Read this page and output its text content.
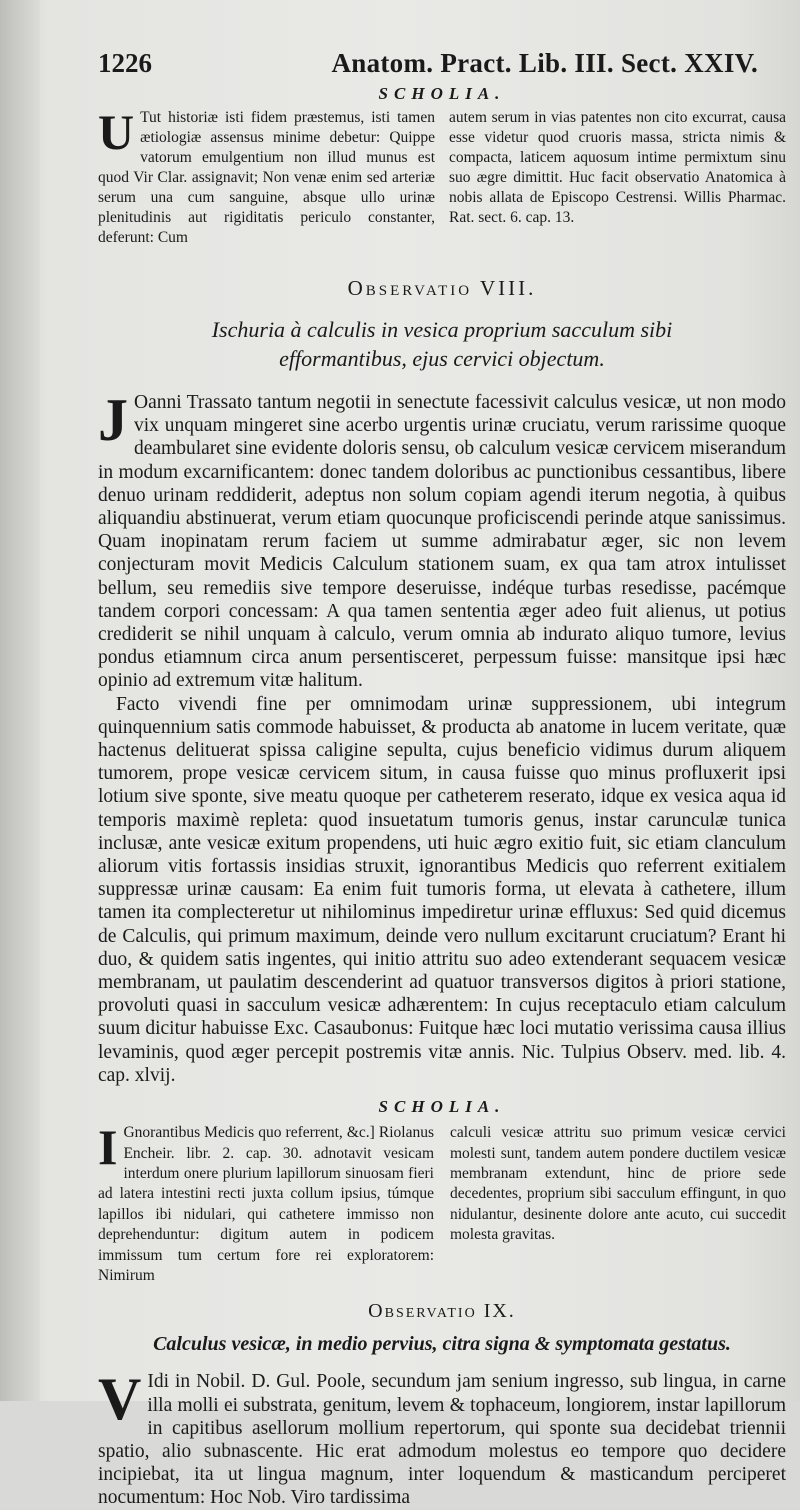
1226	Anatom. Pract. Lib. III. Sect. XXIV.
SCHOLIA.
U Tut historiæ isti fidem præstemus, isti tamen ætiologiæ assensus minime debetur: Quippe vatorum emulgentium non illud munus est quod Vir Clar. assignavit; Non venæ enim sed arteriæ serum una cum sanguine, absque ullo urinæ plenitudinis aut rigiditatis periculo constanter, deferunt: Cum
autem serum in vias patentes non cito excurrat, causa esse videtur quod cruoris massa, stricta nimis & compacta, laticem aquosum intime permixtum sinu suo ægre dimittit. Huc facit observatio Anatomica à nobis allata de Episcopo Cestrensi. Willis Pharmac. Rat. sect. 6. cap. 13.
Observatio VIII.
Ischuria à calculis in vesica proprium sacculum sibi efformantibus, ejus cervici objectum.

J Oanni Trassato tantum negotii in senectute facessivit calculus vesicæ, ut non modo vix unquam mingeret sine acerbo urgentis urinæ cruciatu, verum rarissime quoque deambularet sine evidente doloris sensu, ob calculum vesicæ cervicem miserandum in modum excarnificantem: donec tandem doloribus ac punctionibus cessantibus, libere denuo urinam reddiderit, adeptus non solum copiam agendi iterum negotia, à quibus aliquandiu abstinuerat, verum etiam quocunque proficiscendi perinde atque sanissimus. Quam inopinatam rerum faciem ut summe admirabatur æger, sic non levem conjecturam movit Medicis Calculum stationem suam, ex qua tam atrox intulisset bellum, seu remediis sive tempore deseruisse, indéque turbas resedisse, pacémque tandem corpori concessam: A qua tamen sententia æger adeo fuit alienus, ut potius crediderit se nihil unquam à calculo, verum omnia ab indurato aliquo tumore, levius pondus etiamnum circa anum persentisceret, perpessum fuisse: mansitque ipsi hæc opinio ad extremum vitæ halitum.

Facto vivendi fine per omnimodam urinæ suppressionem, ubi integrum quinquennium satis commode habuisset, & producta ab anatome in lucem veritate, quæ hactenus delituerat spissa caligine sepulta, cujus beneficio vidimus durum aliquem tumorem, prope vesicæ cervicem situm, in causa fuisse quo minus profluxerit ipsi lotium sive sponte, sive meatu quoque per catheterem reserato, idque ex vesica aqua id temporis maximè repleta: quod insuetatum tumoris genus, instar carunculæ tunica inclusæ, ante vesicæ exitum propendens, uti huic ægro exitio fuit, sic etiam clanculum aliorum vitis fortassis insidias struxit, ignorantibus Medicis quo referrent exitialem suppressæ urinæ causam: Ea enim fuit tumoris forma, ut elevata à cathetere, illum tamen ita complecteretur ut nihilominus impediretur urinæ effluxus: Sed quid dicemus de Calculis, qui primum maximum, deinde vero nullum excitarunt cruciatum? Erant hi duo, & quidem satis ingentes, qui initio attritu suo adeo extenderant sequacem vesicæ membranam, ut paulatim descenderint ad quatuor transversos digitos à priori statione, provoluti quasi in sacculum vesicæ adhærentem: In cujus receptaculo etiam calculum suum dicitur habuisse Exc. Casaubonus: Fuitque hæc loci mutatio verissima causa illius levaminis, quod æger percepit postremis vitæ annis. Nic. Tulpius Observ. med. lib. 4. cap. xlvij.

SCHOLIA.
I Gnorantibus Medicis quo referrent, &c.] Riolanus Encheir. libr. 2. cap. 30. adnotavit vesicam interdum onere plurium lapillorum sinuosam fieri ad latera intestini recti juxta collum ipsius, túmque lapillos ibi nidulari, qui cathetere immisso non deprehenduntur: digitum autem in podicem immissum tum certum fore rei exploratorem: Nimirum
calculi vesicæ attritu suo primum vesicæ cervici molesti sunt, tandem autem pondere ductilem vesicæ membranam extendunt, hinc de priore sede decedentes, proprium sibi sacculum effingunt, in quo nidulantur, desinente dolore ante acuto, cui succedit molesta gravitas.
Observatio IX.
Calculus vesicæ, in medio pervius, citra signa & symptomata gestatus.
V Idi in Nobil. D. Gul. Poole, secundum jam senium ingresso, sub lingua, in carne illa molli ei substrata, genitum, levem & tophaceum, longiorem, instar lapillorum in capitibus asellorum mollium repertorum, qui sponte sua decidebat triennii spatio, alio subnascente. Hic erat admodum molestus eo tempore quo decidere incipiebat, ita ut lingua magnum, inter loquendum & masticandum perciperet nocumentum: Hoc Nob. Viro tardissima
